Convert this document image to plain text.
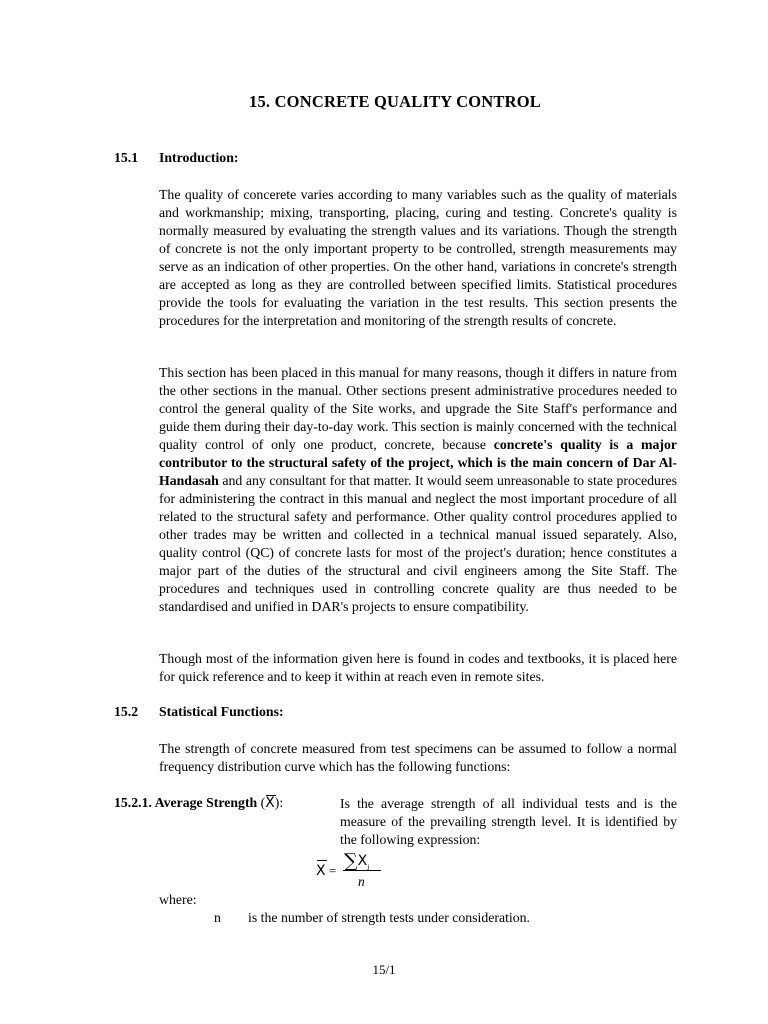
15. CONCRETE QUALITY CONTROL
15.1 Introduction:

The quality of concerete varies according to many variables such as the quality of materials and workmanship; mixing, transporting, placing, curing and testing. Concrete's quality is normally measured by evaluating the strength values and its variations. Though the strength of concrete is not the only important property to be controlled, strength measurements may serve as an indication of other properties. On the other hand, variations in concrete's strength are accepted as long as they are controlled between specified limits. Statistical procedures provide the tools for evaluating the variation in the test results. This section presents the procedures for the interpretation and monitoring of the strength results of concrete.

This section has been placed in this manual for many reasons, though it differs in nature from the other sections in the manual. Other sections present administrative procedures needed to control the general quality of the Site works, and upgrade the Site Staff's performance and guide them during their day-to-day work. This section is mainly concerned with the technical quality control of only one product, concrete, because concrete's quality is a major contributor to the structural safety of the project, which is the main concern of Dar Al-Handasah and any consultant for that matter. It would seem unreasonable to state procedures for administering the contract in this manual and neglect the most important procedure of all related to the structural safety and performance. Other quality control procedures applied to other trades may be written and collected in a technical manual issued separately. Also, quality control (QC) of concrete lasts for most of the project's duration; hence constitutes a major part of the duties of the structural and civil engineers among the Site Staff. The procedures and techniques used in controlling concrete quality are thus needed to be standardised and unified in DAR's projects to ensure compatibility.

Though most of the information given here is found in codes and textbooks, it is placed here for quick reference and to keep it within at reach even in remote sites.

15.2 Statistical Functions:

The strength of concrete measured from test specimens can be assumed to follow a normal frequency distribution curve which has the following functions:

15.2.1. Average Strength (
X):	Is the average strength of all individual tests and is the measure of the prevailing strength level. It is identified by the following expression:
$X = \sum X_i$
n
where:
n is the number of strength tests under consideration.
15/1
